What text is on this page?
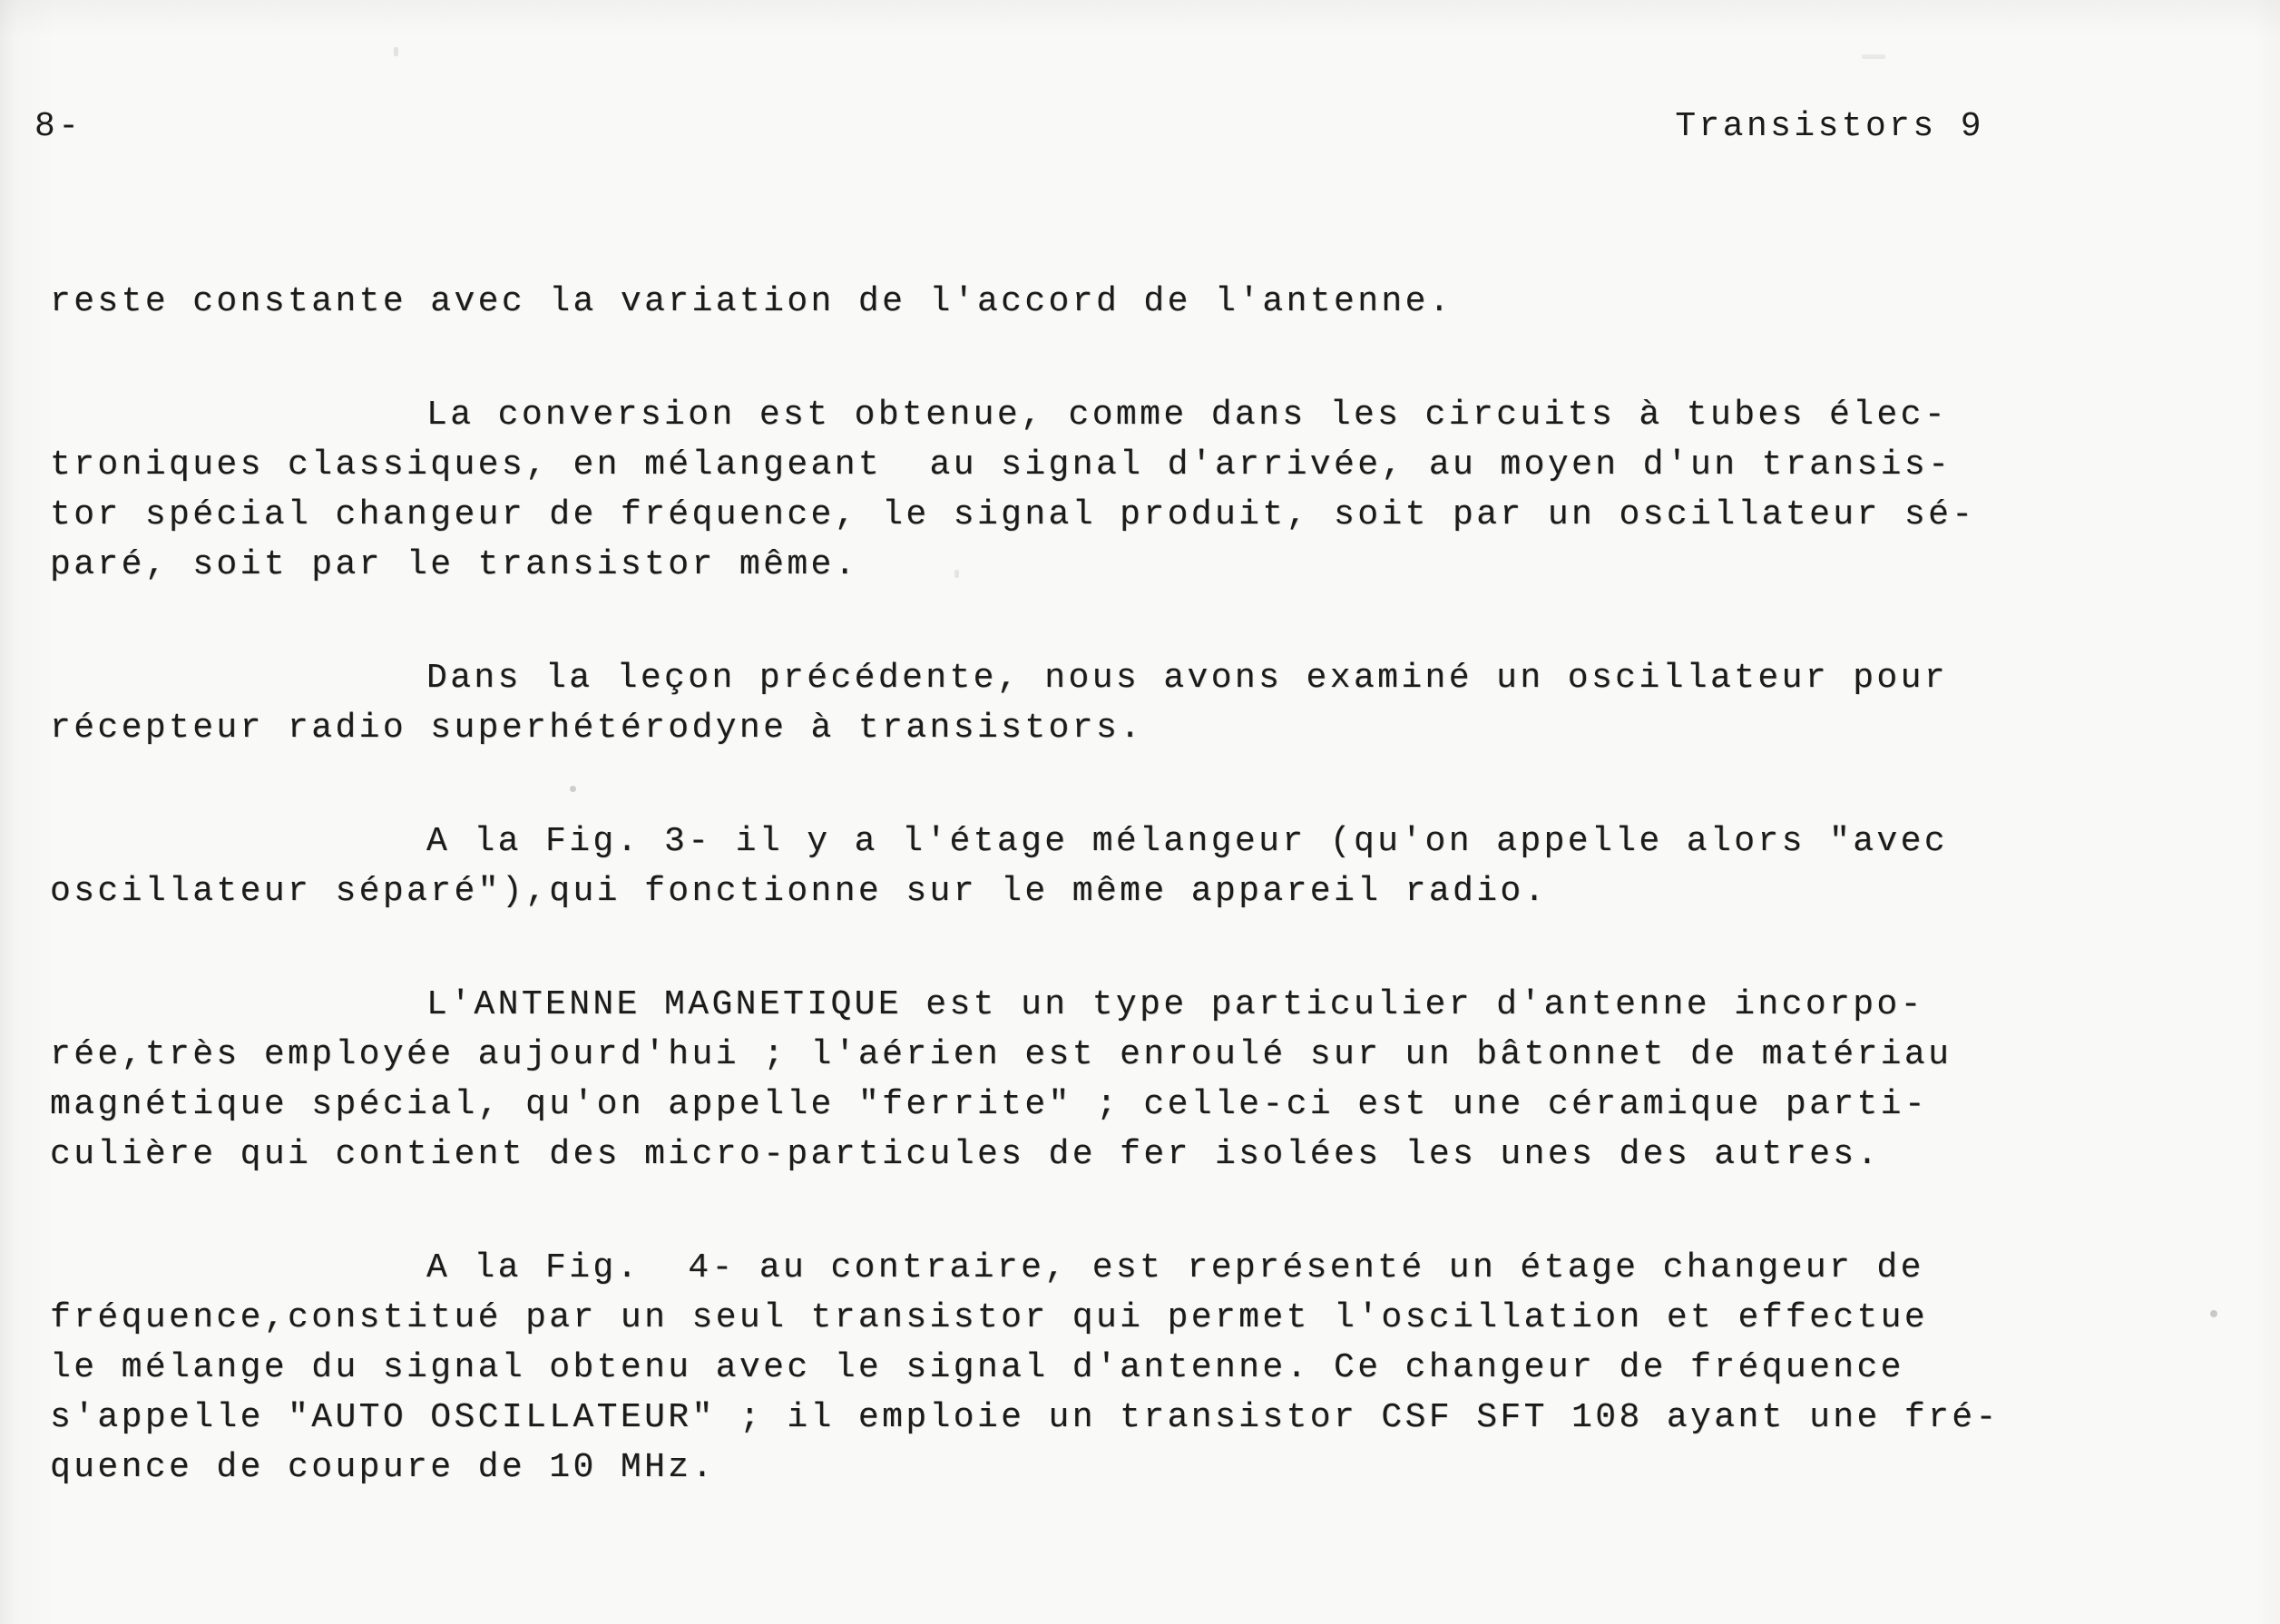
8-	Transistors 9
reste constante avec la variation de l'accord de l'antenne.
La conversion est obtenue, comme dans les circuits à tubes élec-
troniques classiques, en mélangeant  au signal d'arrivée, au moyen d'un transis-
tor spécial changeur de fréquence, le signal produit, soit par un oscillateur sé-
paré, soit par le transistor même.
Dans la leçon précédente, nous avons examiné un oscillateur pour
récepteur radio superhétérodyne à transistors.
A la Fig. 3- il y a l'étage mélangeur (qu'on appelle alors "avec
oscillateur séparé"),qui fonctionne sur le même appareil radio.
L'ANTENNE MAGNETIQUE est un type particulier d'antenne incorpo-
rée,très employée aujourd'hui ; l'aérien est enroulé sur un bâtonnet de matériau
magnétique spécial, qu'on appelle "ferrite" ; celle-ci est une céramique parti-
culière qui contient des micro-particules de fer isolées les unes des autres.
A la Fig.  4- au contraire, est représenté un étage changeur de
fréquence,constitué par un seul transistor qui permet l'oscillation et effectue
le mélange du signal obtenu avec le signal d'antenne. Ce changeur de fréquence
s'appelle "AUTO OSCILLATEUR" ; il emploie un transistor CSF SFT 108 ayant une fré-
quence de coupure de 10 MHz.
